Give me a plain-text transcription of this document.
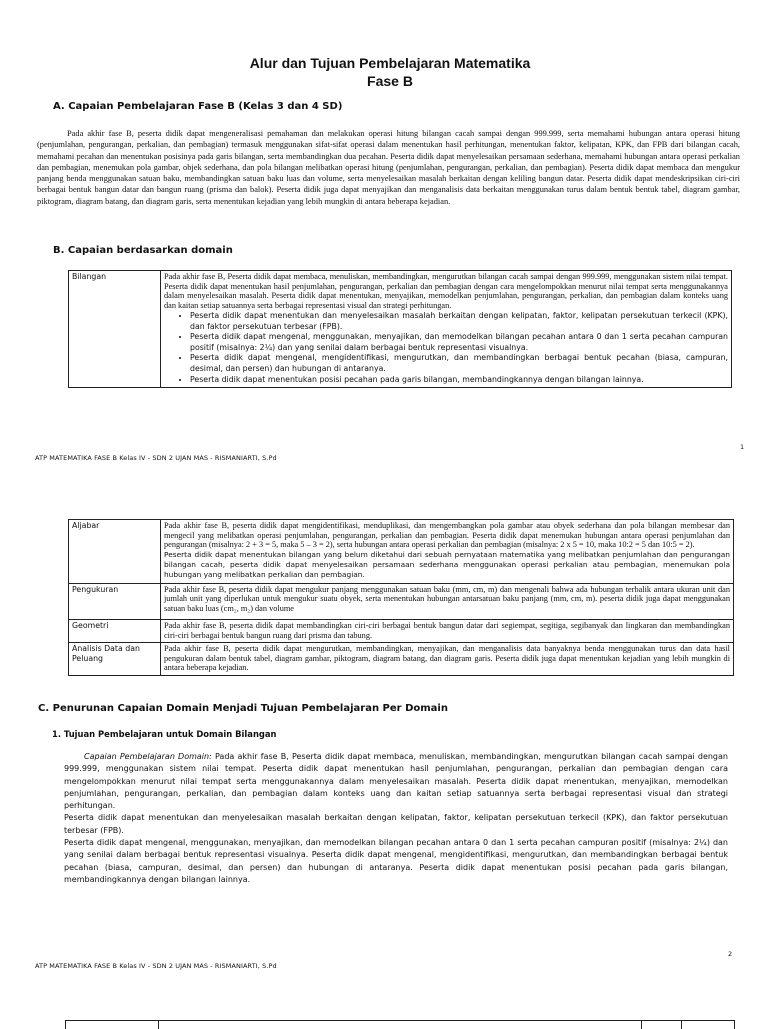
Alur dan Tujuan Pembelajaran Matematika
Fase B
A. Capaian Pembelajaran Fase B (Kelas 3 dan 4 SD)

Pada akhir fase B, peserta didik dapat mengeneralisasi pemahaman dan melakukan operasi hitung bilangan cacah sampai dengan 999.999, serta memahami hubungan antara operasi hitung (penjumlahan, pengurangan, perkalian, dan pembagian) termasuk menggunakan sifat-sifat operasi dalam menentukan hasil perhitungan, menentukan faktor, kelipatan, KPK, dan FPB dari bilangan cacah, memahami pecahan dan menentukan posisinya pada garis bilangan, serta membandingkan dua pecahan. Peserta didik dapat menyelesaikan persamaan sederhana, memahami hubungan antara operasi perkalian dan pembagian, menemukan pola gambar, objek sederhana, dan pola bilangan melibatkan operasi hitung (penjumlahan, pengurangan, perkalian, dan pembagian). Peserta didik dapat membaca dan mengukur panjang benda menggunakan satuan baku, membandingkan satuan baku luas dan volume, serta menyelesaikan masalah berkaitan dengan keliling bangun datar. Peserta didik dapat mendeskripsikan ciri-ciri berbagai bentuk bangun datar dan bangun ruang (prisma dan balok). Peserta didik juga dapat menyajikan dan menganalisis data berkaitan menggunakan turus dalam bentuk bentuk tabel, diagram gambar, piktogram, diagram batang, dan diagram garis, serta menentukan kejadian yang lebih mungkin di antara beberapa kejadian.

B. Capaian berdasarkan domain
Bilangan	Pada akhir fase B, Peserta didik dapat membaca, menuliskan, membandingkan, mengurutkan bilangan cacah sampai dengan 999.999, menggunakan sistem nilai tempat. Peserta didik dapat menentukan hasil penjumlahan, pengurangan, perkalian dan pembagian dengan cara mengelompokkan menurut nilai tempat serta menggunakannya dalam menyelesaikan masalah. Peserta didik dapat menentukan, menyajikan, memodelkan penjumlahan, pengurangan, perkalian, dan pembagian dalam konteks uang dan kaitan setiap satuannya serta berbagai representasi visual dan strategi perhitungan.
• Peserta didik dapat menentukan dan menyelesaikan masalah berkaitan dengan kelipatan, faktor, kelipatan persekutuan terkecil (KPK), dan faktor persekutuan terbesar (FPB).
• Peserta didik dapat mengenal, menggunakan, menyajikan, dan memodelkan bilangan pecahan antara 0 dan 1 serta pecahan campuran positif (misalnya: 2¼) dan yang senilai dalam berbagai bentuk representasi visualnya.
• Peserta didik dapat mengenal, mengidentifikasi, mengurutkan, dan membandingkan berbagai bentuk pecahan (biasa, campuran, desimal, dan persen) dan hubungan di antaranya.
• Peserta didik dapat menentukan posisi pecahan pada garis bilangan, membandingkannya dengan bilangan lainnya.
ATP MATEMATIKA FASE B Kelas IV - SDN 2 UJAN MAS - RISMANIARTI, S.Pd
1
Aljabar	Pada akhir fase B, peserta didik dapat mengidentifikasi, menduplikasi, dan mengembangkan pola gambar atau obyek sederhana dan pola bilangan membesar dan mengecil yang melibatkan operasi penjumlahan, pengurangan, perkalian dan pembagian. Peserta didik dapat menemukan hubungan antara operasi penjumlahan dan pengurangan (misalnya: 2 + 3 = 5, maka 5 – 3 = 2), serta hubungan antara operasi perkalian dan pembagian (misalnya: 2 x 5 = 10, maka 10:2 = 5 dan 10:5 = 2).
Peserta didik dapat menentukan bilangan yang belum diketahui dari sebuah pernyataan matematika yang melibatkan penjumlahan dan pengurangan bilangan cacah, peserta didik dapat menyelesaikan persamaan sederhana menggunakan operasi perkalian atau pembagian, menemukan pola hubungan yang melibatkan perkalian dan pembagian.

Pengukuran	Pada akhir fase B, peserta didik dapat mengukur panjang menggunakan satuan baku (mm, cm, m) dan mengenali bahwa ada hubungan terbalik antara ukuran unit dan jumlah unit yang diperlukan untuk mengukur suatu obyek, serta menentukan hubungan antarsatuan baku panjang (mm, cm, m). peserta didik juga dapat menggunakan satuan baku luas (cm₂, m₂) dan volume
Geometri	Pada akhir fase B, peserta didik dapat membandingkan ciri-ciri berbagai bentuk bangun datar dari segiempat, segitiga, segibanyak dan lingkaran dan membandingkan ciri-ciri berbagai bentuk bangun ruang dari prisma dan tabung.
Analisis Data dan Peluang	Pada akhir fase B, peserta didik dapat mengurutkan, membandingkan, menyajikan, dan menganalisis data banyaknya benda menggunakan turus dan data hasil pengukuran dalam bentuk tabel, diagram gambar, piktogram, diagram batang, dan diagram garis. Peserta didik juga dapat menentukan kejadian yang lebih mungkin di antara beberapa kejadian.
C. Penurunan Capaian Domain Menjadi Tujuan Pembelajaran Per Domain
1. Tujuan Pembelajaran untuk Domain Bilangan

Capaian Pembelajaran Domain: Pada akhir fase B, Peserta didik dapat membaca, menuliskan, membandingkan, mengurutkan bilangan cacah sampai dengan 999.999, menggunakan sistem nilai tempat. Peserta didik dapat menentukan hasil penjumlahan, pengurangan, perkalian dan pembagian dengan cara mengelompokkan menurut nilai tempat serta menggunakannya dalam menyelesaikan masalah. Peserta didik dapat menentukan, menyajikan, memodelkan penjumlahan, pengurangan, perkalian, dan pembagian dalam konteks uang dan kaitan setiap satuannya serta berbagai representasi visual dan strategi perhitungan.

Peserta didik dapat menentukan dan menyelesaikan masalah berkaitan dengan kelipatan, faktor, kelipatan persekutuan terkecil (KPK), dan faktor persekutuan terbesar (FPB).

Peserta didik dapat mengenal, menggunakan, menyajikan, dan memodelkan bilangan pecahan antara 0 dan 1 serta pecahan campuran positif (misalnya: 2¼) dan yang senilai dalam berbagai bentuk representasi visualnya. Peserta didik dapat mengenal, mengidentifikasi, mengurutkan, dan membandingkan berbagai bentuk pecahan (biasa, campuran, desimal, dan persen) dan hubungan di antaranya. Peserta didik dapat menentukan posisi pecahan pada garis bilangan, membandingkannya dengan bilangan lainnya.

ATP MATEMATIKA FASE B Kelas IV - SDN 2 UJAN MAS - RISMANIARTI, S.Pd
2
